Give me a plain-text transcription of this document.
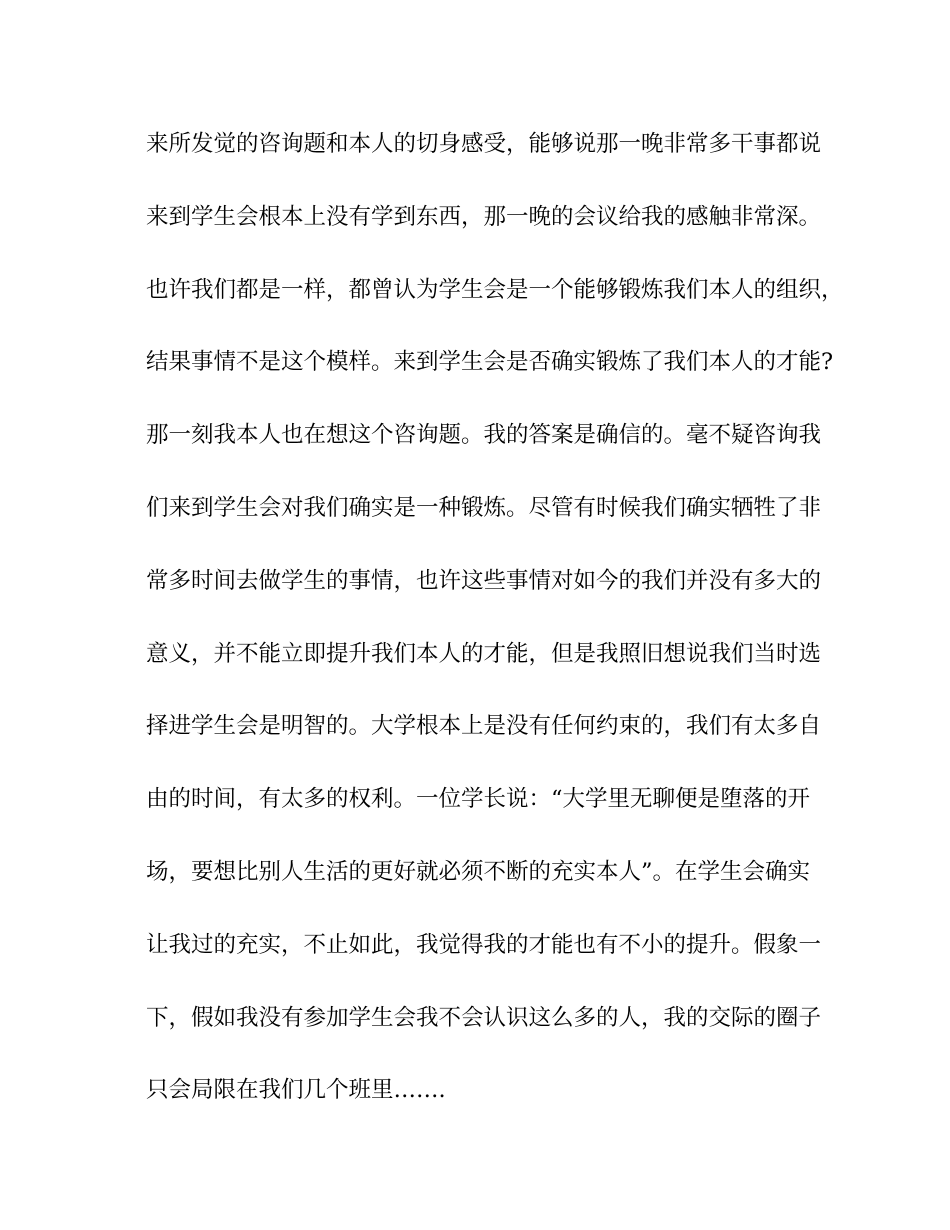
来所发觉的咨询题和本人的切身感受，能够说那一晚非常多干事都说
来到学生会根本上没有学到东西，那一晚的会议给我的感触非常深。
也许我们都是一样，都曾认为学生会是一个能够锻炼我们本人的组织，
结果事情不是这个模样。来到学生会是否确实锻炼了我们本人的才能?
那一刻我本人也在想这个咨询题。我的答案是确信的。毫不疑咨询我
们来到学生会对我们确实是一种锻炼。尽管有时候我们确实牺牲了非
常多时间去做学生的事情，也许这些事情对如今的我们并没有多大的
意义，并不能立即提升我们本人的才能，但是我照旧想说我们当时选
择进学生会是明智的。大学根本上是没有任何约束的，我们有太多自
由的时间，有太多的权利。一位学长说：“大学里无聊便是堕落的开
场，要想比别人生活的更好就必须不断的充实本人”。在学生会确实
让我过的充实，不止如此，我觉得我的才能也有不小的提升。假象一
下，假如我没有参加学生会我不会认识这么多的人，我的交际的圈子
只会局限在我们几个班里…….
